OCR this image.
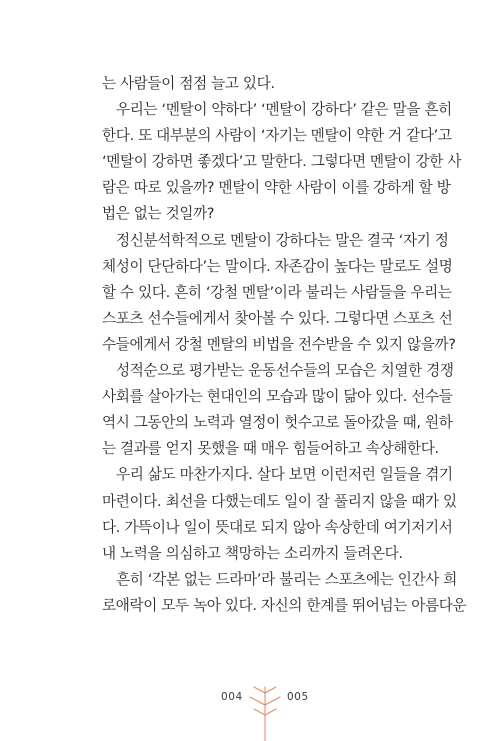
는 사람들이 점점 늘고 있다.
우리는 ‘멘탈이 약하다’ ‘멘탈이 강하다’ 같은 말을 흔히
한다. 또 대부분의 사람이 ‘자기는 멘탈이 약한 거 같다’고
‘멘탈이 강하면 좋겠다’고 말한다. 그렇다면 멘탈이 강한 사
람은 따로 있을까? 멘탈이 약한 사람이 이를 강하게 할 방
법은 없는 것일까?
정신분석학적으로 멘탈이 강하다는 말은 결국 ‘자기 정
체성이 단단하다’는 말이다. 자존감이 높다는 말로도 설명
할 수 있다. 흔히 ‘강철 멘탈’이라 불리는 사람들을 우리는
스포츠 선수들에게서 찾아볼 수 있다. 그렇다면 스포츠 선
수들에게서 강철 멘탈의 비법을 전수받을 수 있지 않을까?
성적순으로 평가받는 운동선수들의 모습은 치열한 경쟁
사회를 살아가는 현대인의 모습과 많이 닮아 있다. 선수들
역시 그동안의 노력과 열정이 헛수고로 돌아갔을 때, 원하
는 결과를 얻지 못했을 때 매우 힘들어하고 속상해한다.
우리 삶도 마찬가지다. 살다 보면 이런저런 일들을 겪기
마련이다. 최선을 다했는데도 일이 잘 풀리지 않을 때가 있
다. 가뜩이나 일이 뜻대로 되지 않아 속상한데 여기저기서
내 노력을 의심하고 책망하는 소리까지 들려온다.
흔히 ‘각본 없는 드라마’라 불리는 스포츠에는 인간사 희
로애락이 모두 녹아 있다. 자신의 한계를 뛰어넘는 아름다운
004	005
